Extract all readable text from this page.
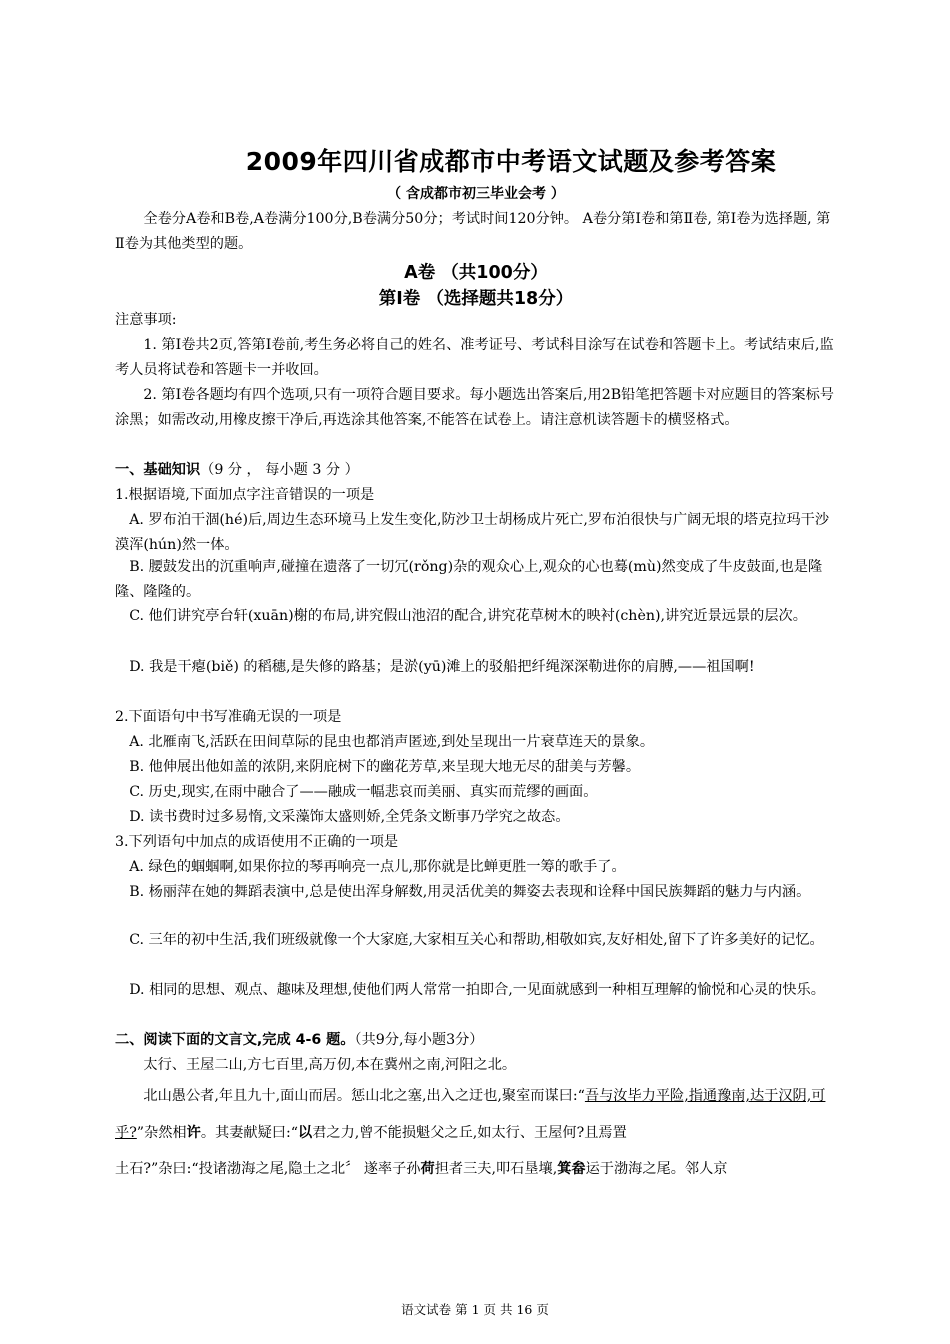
2009年四川省成都市中考语文试题及参考答案
（ 含成都市初三毕业会考 ）
全卷分A卷和B卷,A卷满分100分,B卷满分50分；考试时间120分钟。 A卷分第Ⅰ卷和第Ⅱ卷, 第Ⅰ卷为选择题, 第Ⅱ卷为其他类型的题。
A卷 （共100分）
第Ⅰ卷 （选择题共18分）
注意事项:
1. 第Ⅰ卷共2页,答第Ⅰ卷前,考生务必将自己的姓名、准考证号、考试科目涂写在试卷和答题卡上。考试结束后,监考人员将试卷和答题卡一并收回。
2. 第Ⅰ卷各题均有四个选项,只有一项符合题目要求。每小题选出答案后,用2B铅笔把答题卡对应题目的答案标号涂黑；如需改动,用橡皮擦干净后,再选涂其他答案,不能答在试卷上。请注意机读答题卡的横竖格式。
一、基础知识（9 分 ， 每小题 3 分 ）
1.根据语境,下面加点字注音错误的一项是
A. 罗布泊干涸(hé)后,周边生态环境马上发生变化,防沙卫士胡杨成片死亡,罗布泊很快与广阔无垠的塔克拉玛干沙漠浑(hún)然一体。
B. 腰鼓发出的沉重响声,碰撞在遗落了一切冗(rǒng)杂的观众心上,观众的心也蓦(mù)然变成了牛皮鼓面,也是隆隆、隆隆的。
C. 他们讲究亭台轩(xuān)榭的布局,讲究假山池沼的配合,讲究花草树木的映衬(chèn),讲究近景远景的层次。
D. 我是干瘪(biě) 的稻穗,是失修的路基；是淤(yū)滩上的驳船把纤绳深深勒进你的肩膊,——祖国啊!
2.下面语句中书写准确无误的一项是
A. 北雁南飞,活跃在田间草际的昆虫也都消声匿迹,到处呈现出一片衰草连天的景象。
B. 他伸展出他如盖的浓阴,来阴庇树下的幽花芳草,来呈现大地无尽的甜美与芳馨。
C. 历史,现实,在雨中融合了——融成一幅悲哀而美丽、真实而荒缪的画面。
D. 读书费时过多易惰,文采藻饰太盛则娇,全凭条文断事乃学究之故态。
3.下列语句中加点的成语使用不正确的一项是
A. 绿色的蝈蝈啊,如果你拉的琴再响亮一点儿,那你就是比蝉更胜一筹的歌手了。
B. 杨丽萍在她的舞蹈表演中,总是使出浑身解数,用灵活优美的舞姿去表现和诠释中国民族舞蹈的魅力与内涵。
C. 三年的初中生活,我们班级就像一个大家庭,大家相互关心和帮助,相敬如宾,友好相处,留下了许多美好的记忆。
D. 相同的思想、观点、趣味及理想,使他们两人常常一拍即合,一见面就感到一种相互理解的愉悦和心灵的快乐。
二、阅读下面的文言文,完成 4-6 题。（共9分,每小题3分）
太行、王屋二山,方七百里,高万仞,本在冀州之南,河阳之北。
北山愚公者,年且九十,面山而居。惩山北之塞,出入之迂也,聚室而谋曰:“吾与汝毕力平险,指通豫南,达于汉阴,可乎?”杂然相许。其妻献疑曰:“以君之力,曾不能损魁父之丘,如太行、王屋何?且焉置
土石?”杂曰:“投诸渤海之尾,隐土之北〞 遂率子孙荷担者三夫,叩石垦壤,箕畚运于渤海之尾。邻人京
语文试卷 第 1 页 共 16 页
